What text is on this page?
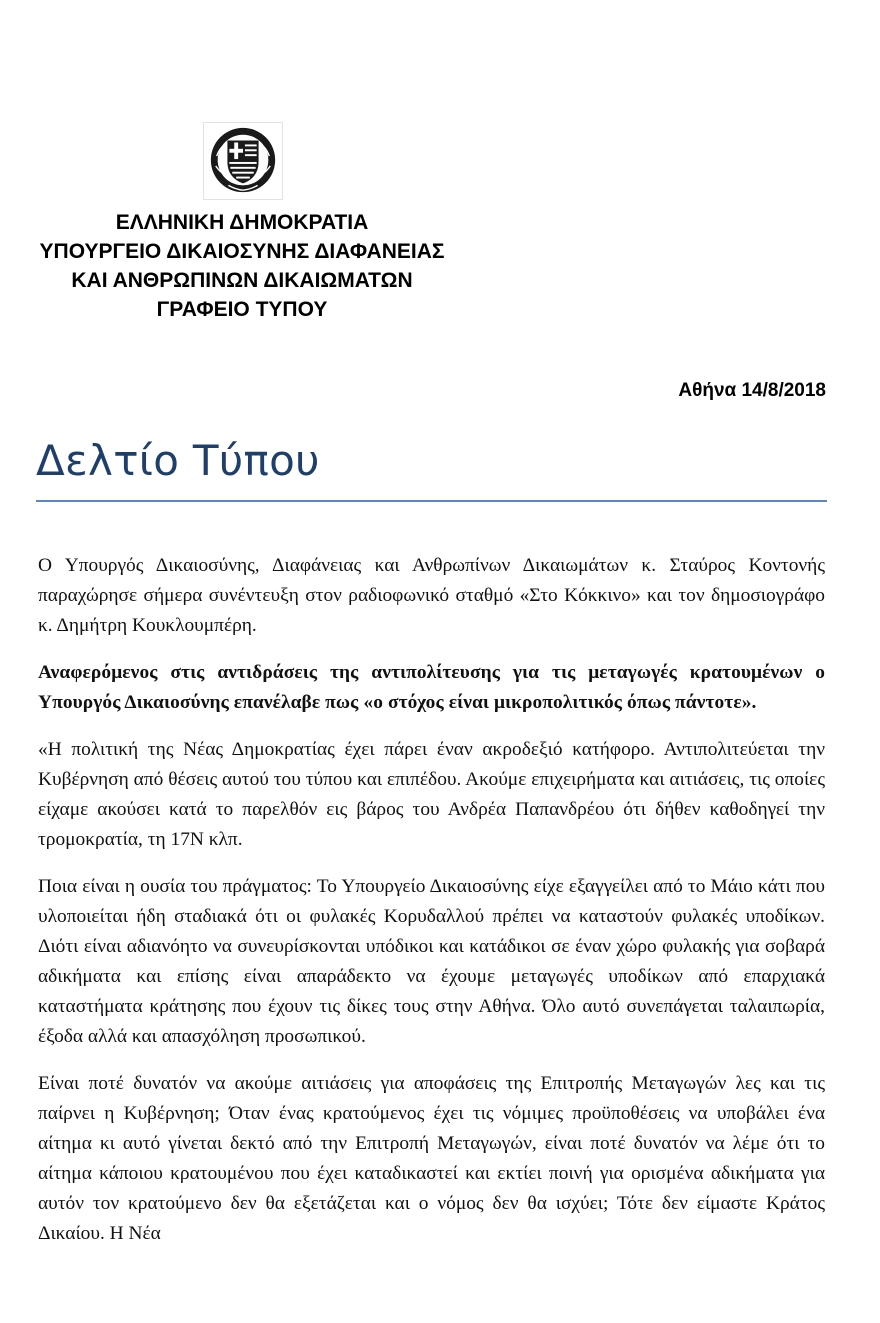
ΕΛΛΗΝΙΚΗ ΔΗΜΟΚΡΑΤΙΑ
ΥΠΟΥΡΓΕΙΟ ΔΙΚΑΙΟΣΥΝΗΣ ΔΙΑΦΑΝΕΙΑΣ
ΚΑΙ ΑΝΘΡΩΠΙΝΩΝ ΔΙΚΑΙΩΜΑΤΩΝ
ΓΡΑΦΕΙΟ ΤΥΠΟΥ
Αθήνα 14/8/2018
Δελτίο Τύπου

Ο Υπουργός Δικαιοσύνης, Διαφάνειας και Ανθρωπίνων Δικαιωμάτων κ. Σταύρος Κοντονής παραχώρησε σήμερα συνέντευξη στον ραδιοφωνικό σταθμό «Στο Κόκκινο» και τον δημοσιογράφο κ. Δημήτρη Κουκλουμπέρη.

Αναφερόμενος στις αντιδράσεις της αντιπολίτευσης για τις μεταγωγές κρατουμένων ο Υπουργός Δικαιοσύνης επανέλαβε πως «ο στόχος είναι μικροπολιτικός όπως πάντοτε».

«Η πολιτική της Νέας Δημοκρατίας έχει πάρει έναν ακροδεξιό κατήφορο. Αντιπολιτεύεται την Κυβέρνηση από θέσεις αυτού του τύπου και επιπέδου. Ακούμε επιχειρήματα και αιτιάσεις, τις οποίες είχαμε ακούσει κατά το παρελθόν εις βάρος του Ανδρέα Παπανδρέου ότι δήθεν καθοδηγεί την τρομοκρατία, τη 17Ν κλπ.

Ποια είναι η ουσία του πράγματος: Το Υπουργείο Δικαιοσύνης είχε εξαγγείλει από το Μάιο κάτι που υλοποιείται ήδη σταδιακά ότι οι φυλακές Κορυδαλλού πρέπει να καταστούν φυλακές υποδίκων. Διότι είναι αδιανόητο να συνευρίσκονται υπόδικοι και κατάδικοι σε έναν χώρο φυλακής για σοβαρά αδικήματα και επίσης είναι απαράδεκτο να έχουμε μεταγωγές υποδίκων από επαρχιακά καταστήματα κράτησης που έχουν τις δίκες τους στην Αθήνα. Όλο αυτό συνεπάγεται ταλαιπωρία, έξοδα αλλά και απασχόληση προσωπικού.

Είναι ποτέ δυνατόν να ακούμε αιτιάσεις για αποφάσεις της Επιτροπής Μεταγωγών λες και τις παίρνει η Κυβέρνηση; Όταν ένας κρατούμενος έχει τις νόμιμες προϋποθέσεις να υποβάλει ένα αίτημα κι αυτό γίνεται δεκτό από την Επιτροπή Μεταγωγών, είναι ποτέ δυνατόν να λέμε ότι το αίτημα κάποιου κρατουμένου που έχει καταδικαστεί και εκτίει ποινή για ορισμένα αδικήματα για αυτόν τον κρατούμενο δεν θα εξετάζεται και ο νόμος δεν θα ισχύει; Τότε δεν είμαστε Κράτος Δικαίου. Η Νέα
